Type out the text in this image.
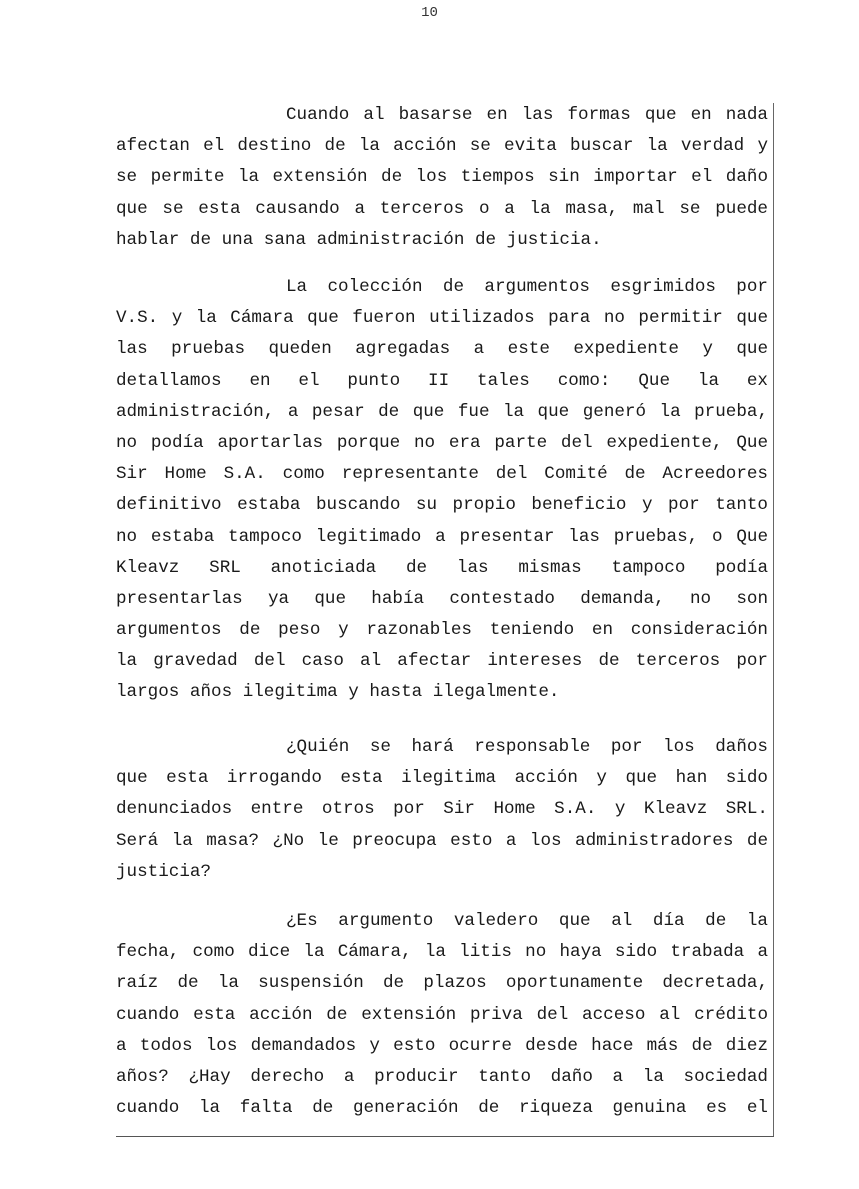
10
Cuando al basarse en las formas que en nada
afectan el destino de la acción se evita buscar la verdad y
se permite la extensión de los tiempos sin importar el daño
que se esta causando a terceros o a la masa, mal se puede
hablar de una sana administración de justicia.
La colección de argumentos esgrimidos por
V.S. y la Cámara que fueron utilizados para no permitir que
las pruebas queden agregadas a este expediente y que
detallamos en el punto II tales como: Que la ex
administración, a pesar de que fue la que generó la prueba,
no podía aportarlas porque no era parte del expediente, Que
Sir Home S.A. como representante del Comité de Acreedores
definitivo estaba buscando su propio beneficio y por tanto
no estaba tampoco legitimado a presentar las pruebas, o Que
Kleavz SRL anoticiada de las mismas tampoco podía
presentarlas ya que había contestado demanda, no son
argumentos de peso y razonables teniendo en consideración
la gravedad del caso al afectar intereses de terceros por
largos años ilegitima y hasta ilegalmente.
¿Quién se hará responsable por los daños
que esta irrogando esta ilegitima acción y que han sido
denunciados entre otros por Sir Home S.A. y Kleavz SRL.
Será la masa? ¿No le preocupa esto a los administradores de
justicia?
¿Es argumento valedero que al día de la
fecha, como dice la Cámara, la litis no haya sido trabada a
raíz de la suspensión de plazos oportunamente decretada,
cuando esta acción de extensión priva del acceso al crédito
a todos los demandados y esto ocurre desde hace más de diez
años? ¿Hay derecho a producir tanto daño a la sociedad
cuando la falta de generación de riqueza genuina es el
